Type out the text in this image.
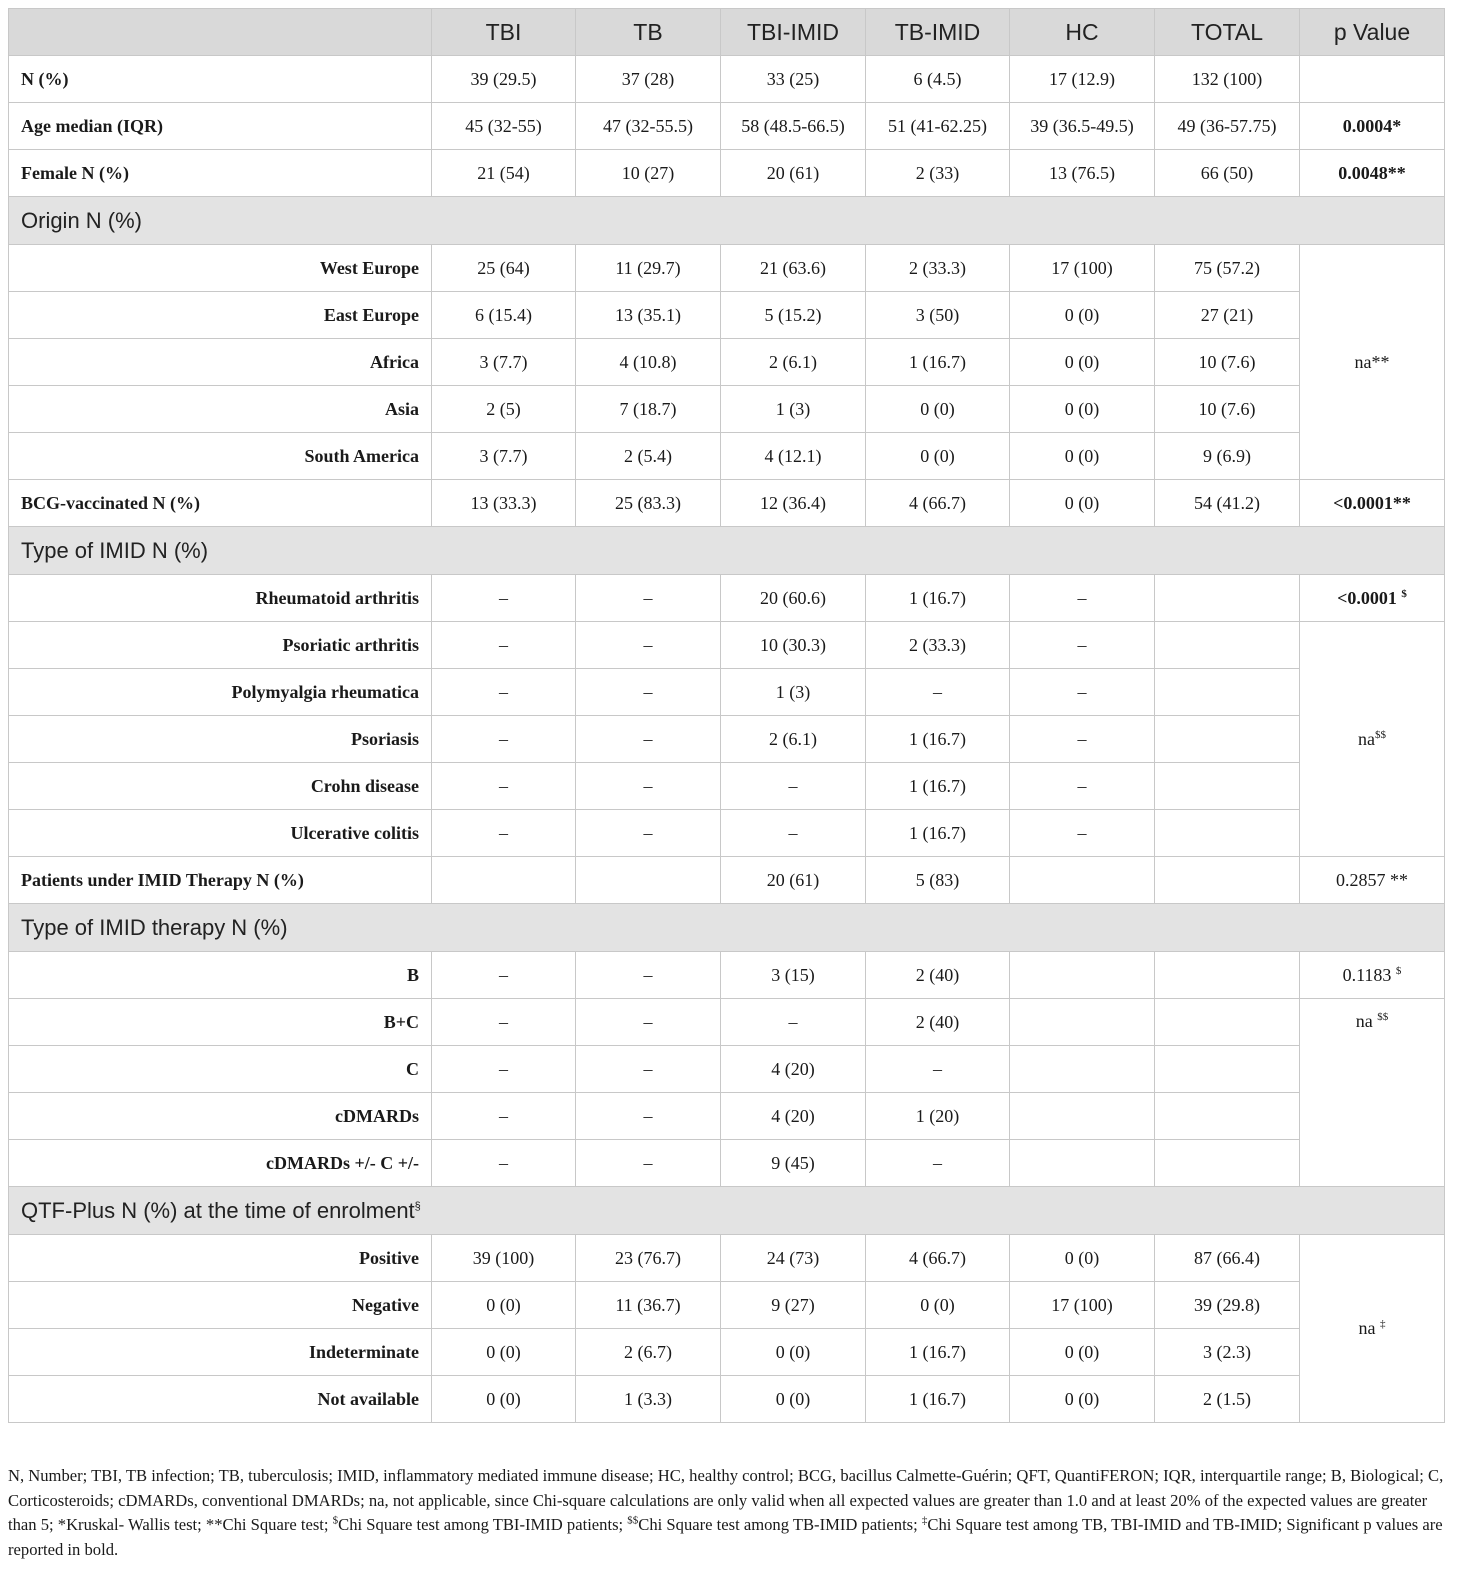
	TBI	TB	TBI-IMID	TB-IMID	HC	TOTAL	p Value
N (%)	39 (29.5)	37 (28)	33 (25)	6 (4.5)	17 (12.9)	132 (100)	
Age median (IQR)	45 (32-55)	47 (32-55.5)	58 (48.5-66.5)	51 (41-62.25)	39 (36.5-49.5)	49 (36-57.75)	0.0004*
Female N (%)	21 (54)	10 (27)	20 (61)	2 (33)	13 (76.5)	66 (50)	0.0048**
Origin N (%)							
West Europe	25 (64)	11 (29.7)	21 (63.6)	2 (33.3)	17 (100)	75 (57.2)	na**
East Europe	6 (15.4)	13 (35.1)	5 (15.2)	3 (50)	0 (0)	27 (21)	
Africa	3 (7.7)	4 (10.8)	2 (6.1)	1 (16.7)	0 (0)	10 (7.6)	
Asia	2 (5)	7 (18.7)	1 (3)	0 (0)	0 (0)	10 (7.6)	
South America	3 (7.7)	2 (5.4)	4 (12.1)	0 (0)	0 (0)	9 (6.9)	
BCG-vaccinated N (%)	13 (33.3)	25 (83.3)	12 (36.4)	4 (66.7)	0 (0)	54 (41.2)	<0.0001**
Type of IMID N (%)							
Rheumatoid arthritis	–	–	20 (60.6)	1 (16.7)	–		<0.0001 $
Psoriatic arthritis	–	–	10 (30.3)	2 (33.3)	–		na$$
Polymyalgia rheumatica	–	–	1 (3)	–	–		
Psoriasis	–	–	2 (6.1)	1 (16.7)	–		
Crohn disease	–	–	–	1 (16.7)	–		
Ulcerative colitis	–	–	–	1 (16.7)	–		
Patients under IMID Therapy N (%)			20 (61)	5 (83)			0.2857 **
Type of IMID therapy N (%)							
B	–	–	3 (15)	2 (40)			0.1183 $
B+C	–	–	–	2 (40)			na $$
C	–	–	4 (20)	–			
cDMARDs	–	–	4 (20)	1 (20)			
cDMARDs +/- C +/-	–	–	9 (45)	–			
QTF-Plus N (%) at the time of enrolment§
Positive	39 (100)	23 (76.7)	24 (73)	4 (66.7)	0 (0)	87 (66.4)	na ‡
Negative	0 (0)	11 (36.7)	9 (27)	0 (0)	17 (100)	39 (29.8)	
Indeterminate	0 (0)	2 (6.7)	0 (0)	1 (16.7)	0 (0)	3 (2.3)	
Not available	0 (0)	1 (3.3)	0 (0)	1 (16.7)	0 (0)	2 (1.5)	
N, Number; TBI, TB infection; TB, tuberculosis; IMID, inflammatory mediated immune disease; HC, healthy control; BCG, bacillus Calmette-Guérin; QFT, QuantiFERON; IQR, interquartile range; B, Biological; C, Corticosteroids; cDMARDs, conventional DMARDs; na, not applicable, since Chi-square calculations are only valid when all expected values are greater than 1.0 and at least 20% of the expected values are greater than 5; *Kruskal- Wallis test; **Chi Square test; $Chi Square test among TBI-IMID patients; $$Chi Square test among TB-IMID patients; ‡Chi Square test among TB, TBI-IMID and TB-IMID; Significant p values are reported in bold.
